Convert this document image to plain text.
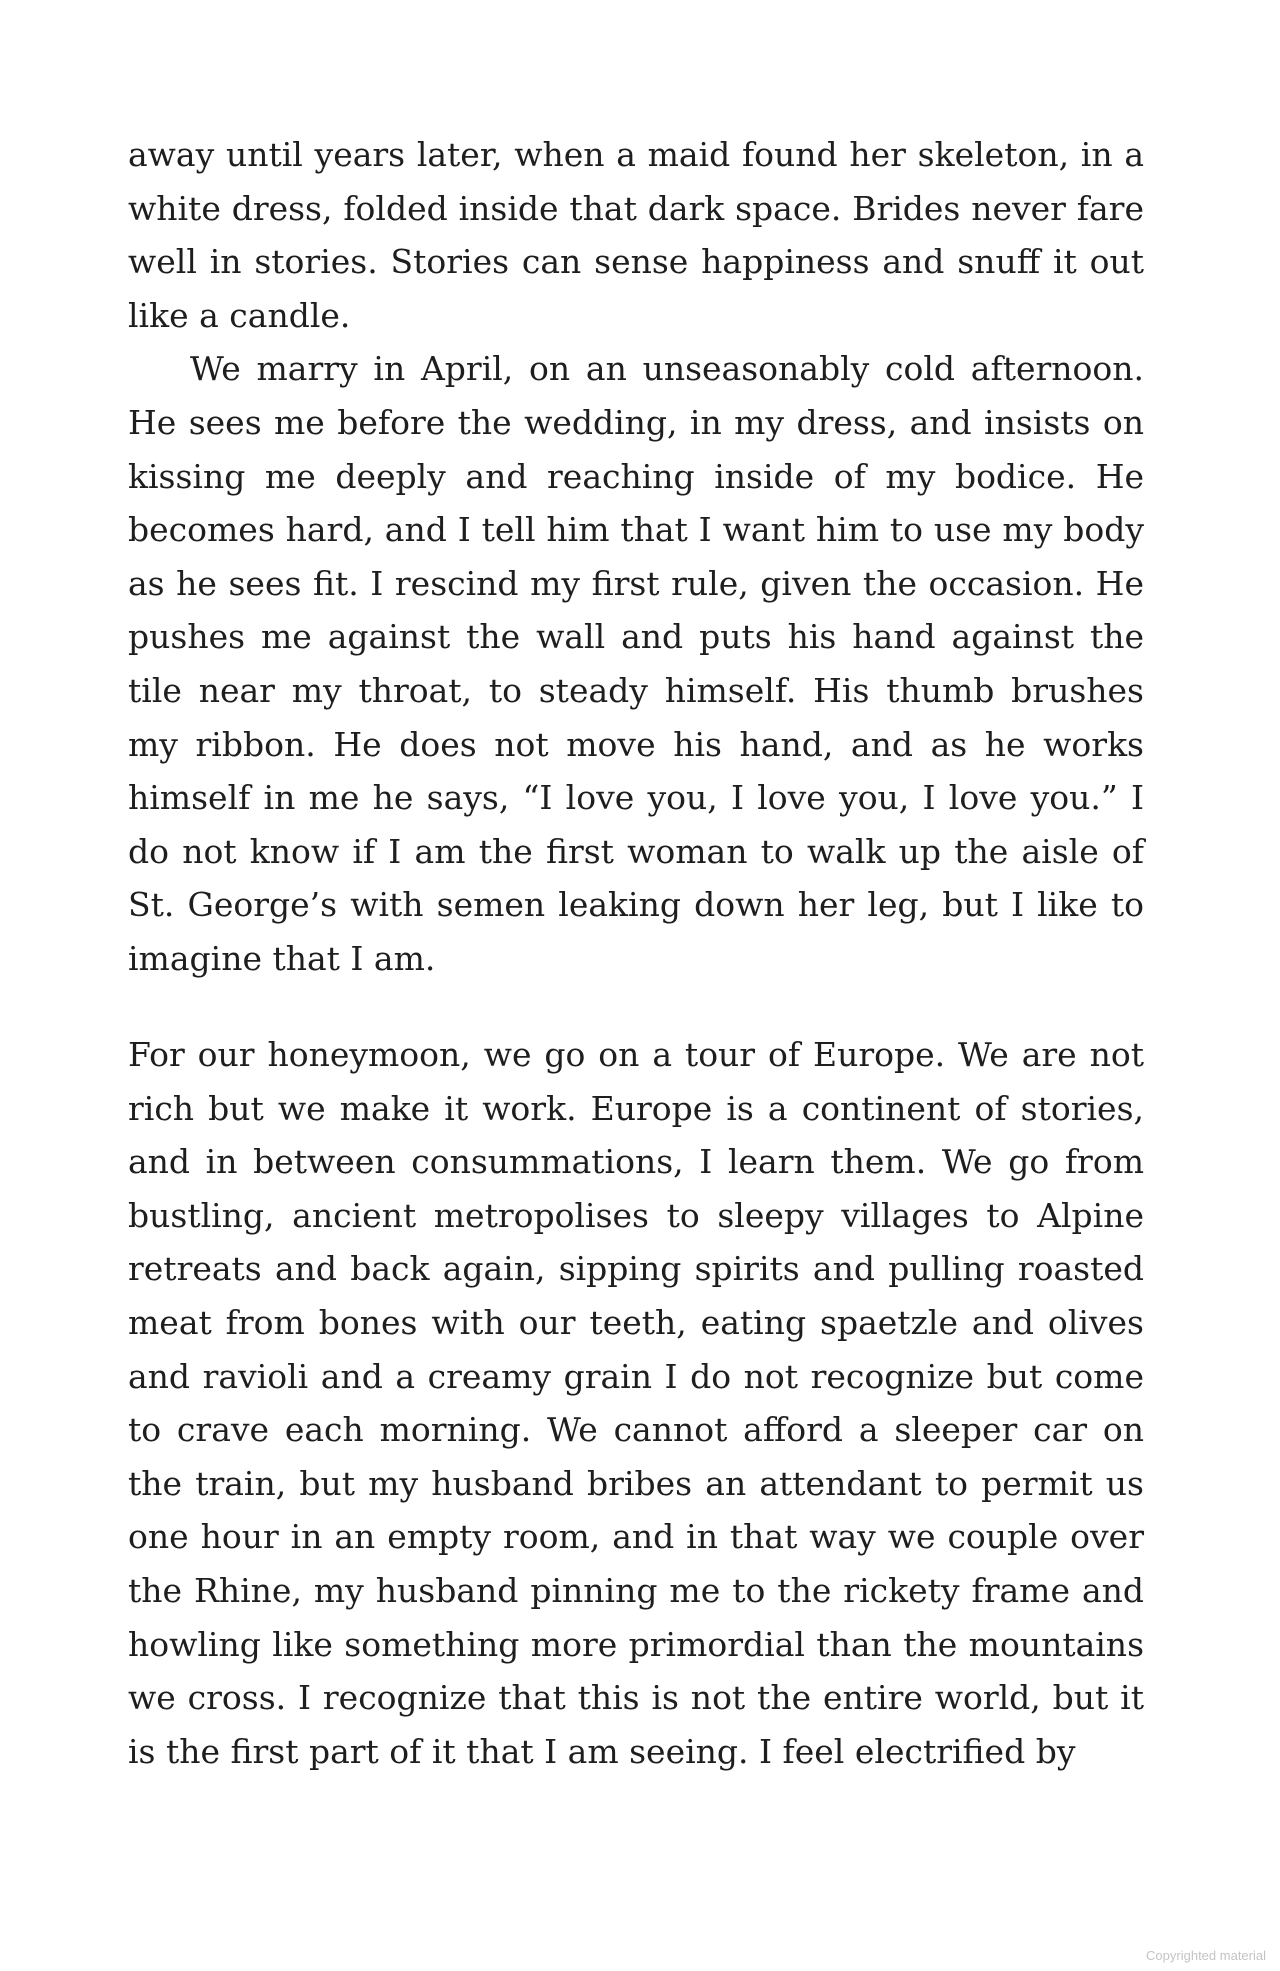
away until years later, when a maid found her skeleton, in a white dress, folded inside that dark space. Brides never fare well in stories. Stories can sense happiness and snuff it out like a candle.

We marry in April, on an unseasonably cold afternoon. He sees me before the wedding, in my dress, and insists on kissing me deeply and reaching inside of my bodice. He becomes hard, and I tell him that I want him to use my body as he sees fit. I rescind my first rule, given the occasion. He pushes me against the wall and puts his hand against the tile near my throat, to steady himself. His thumb brushes my ribbon. He does not move his hand, and as he works himself in me he says, “I love you, I love you, I love you.” I do not know if I am the first woman to walk up the aisle of St. George’s with semen leaking down her leg, but I like to imagine that I am.

For our honeymoon, we go on a tour of Europe. We are not rich but we make it work. Europe is a continent of stories, and in between consummations, I learn them. We go from bustling, ancient metropolises to sleepy villages to Alpine retreats and back again, sipping spirits and pulling roasted meat from bones with our teeth, eating spaetzle and olives and ravioli and a creamy grain I do not recognize but come to crave each morning. We cannot afford a sleeper car on the train, but my husband bribes an attendant to permit us one hour in an empty room, and in that way we couple over the Rhine, my husband pinning me to the rickety frame and howling like something more primordial than the mountains we cross. I recognize that this is not the entire world, but it is the first part of it that I am seeing. I feel electrified by

Copyrighted material
